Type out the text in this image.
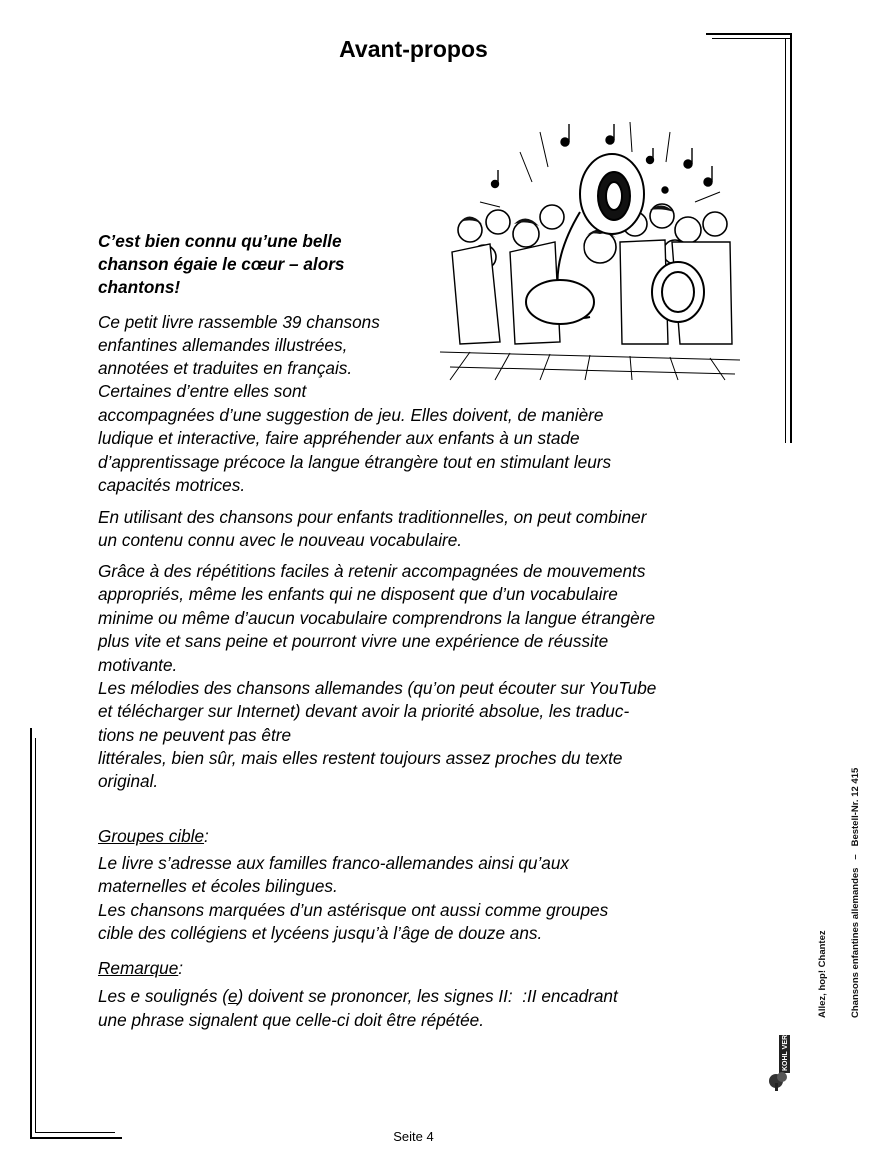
Avant-propos
C’est bien connu qu’une belle
chanson égaie le cœur – alors
chantons!
Ce petit livre rassemble 39 chansons
enfantines allemandes illustrées,
annotées et traduites en français.
Certaines d’entre elles sont
accompagnées d’une suggestion de jeu. Elles doivent, de manière
ludique et interactive, faire appréhender aux enfants à un stade
d’apprentissage précoce la langue étrangère tout en stimulant leurs
capacités motrices.
En utilisant des chansons pour enfants traditionnelles, on peut combiner
un contenu connu avec le nouveau vocabulaire.
Grâce à des répétitions faciles à retenir accompagnées de mouvements
appropriés, même les enfants qui ne disposent que d’un vocabulaire
minime ou même d’aucun vocabulaire comprendrons la langue étrangère
plus vite et sans peine et pourront vivre une expérience de réussite
motivante.
Les mélodies des chansons allemandes (qu’on peut écouter sur YouTube
et télécharger sur Internet) devant avoir la priorité absolue, les traduc-
tions ne peuvent pas être
littérales, bien sûr, mais elles restent toujours assez proches du texte
original.
Groupes cible:
Le livre s’adresse aux familles franco-allemandes ainsi qu’aux
maternelles et écoles bilingues.
Les chansons marquées d’un astérisque ont aussi comme groupes
cible des collégiens et lycéens jusqu’à l’âge de douze ans.
Remarque:
Les e soulignés (e) doivent se prononcer, les signes II:  :II encadrant
une phrase signalent que celle-ci doit être répétée.

Allez, hop! Chantez

Chansons enfantines allemandes   –   Bestell-Nr. 12 415

KOHL VERLAG
Seite 4
